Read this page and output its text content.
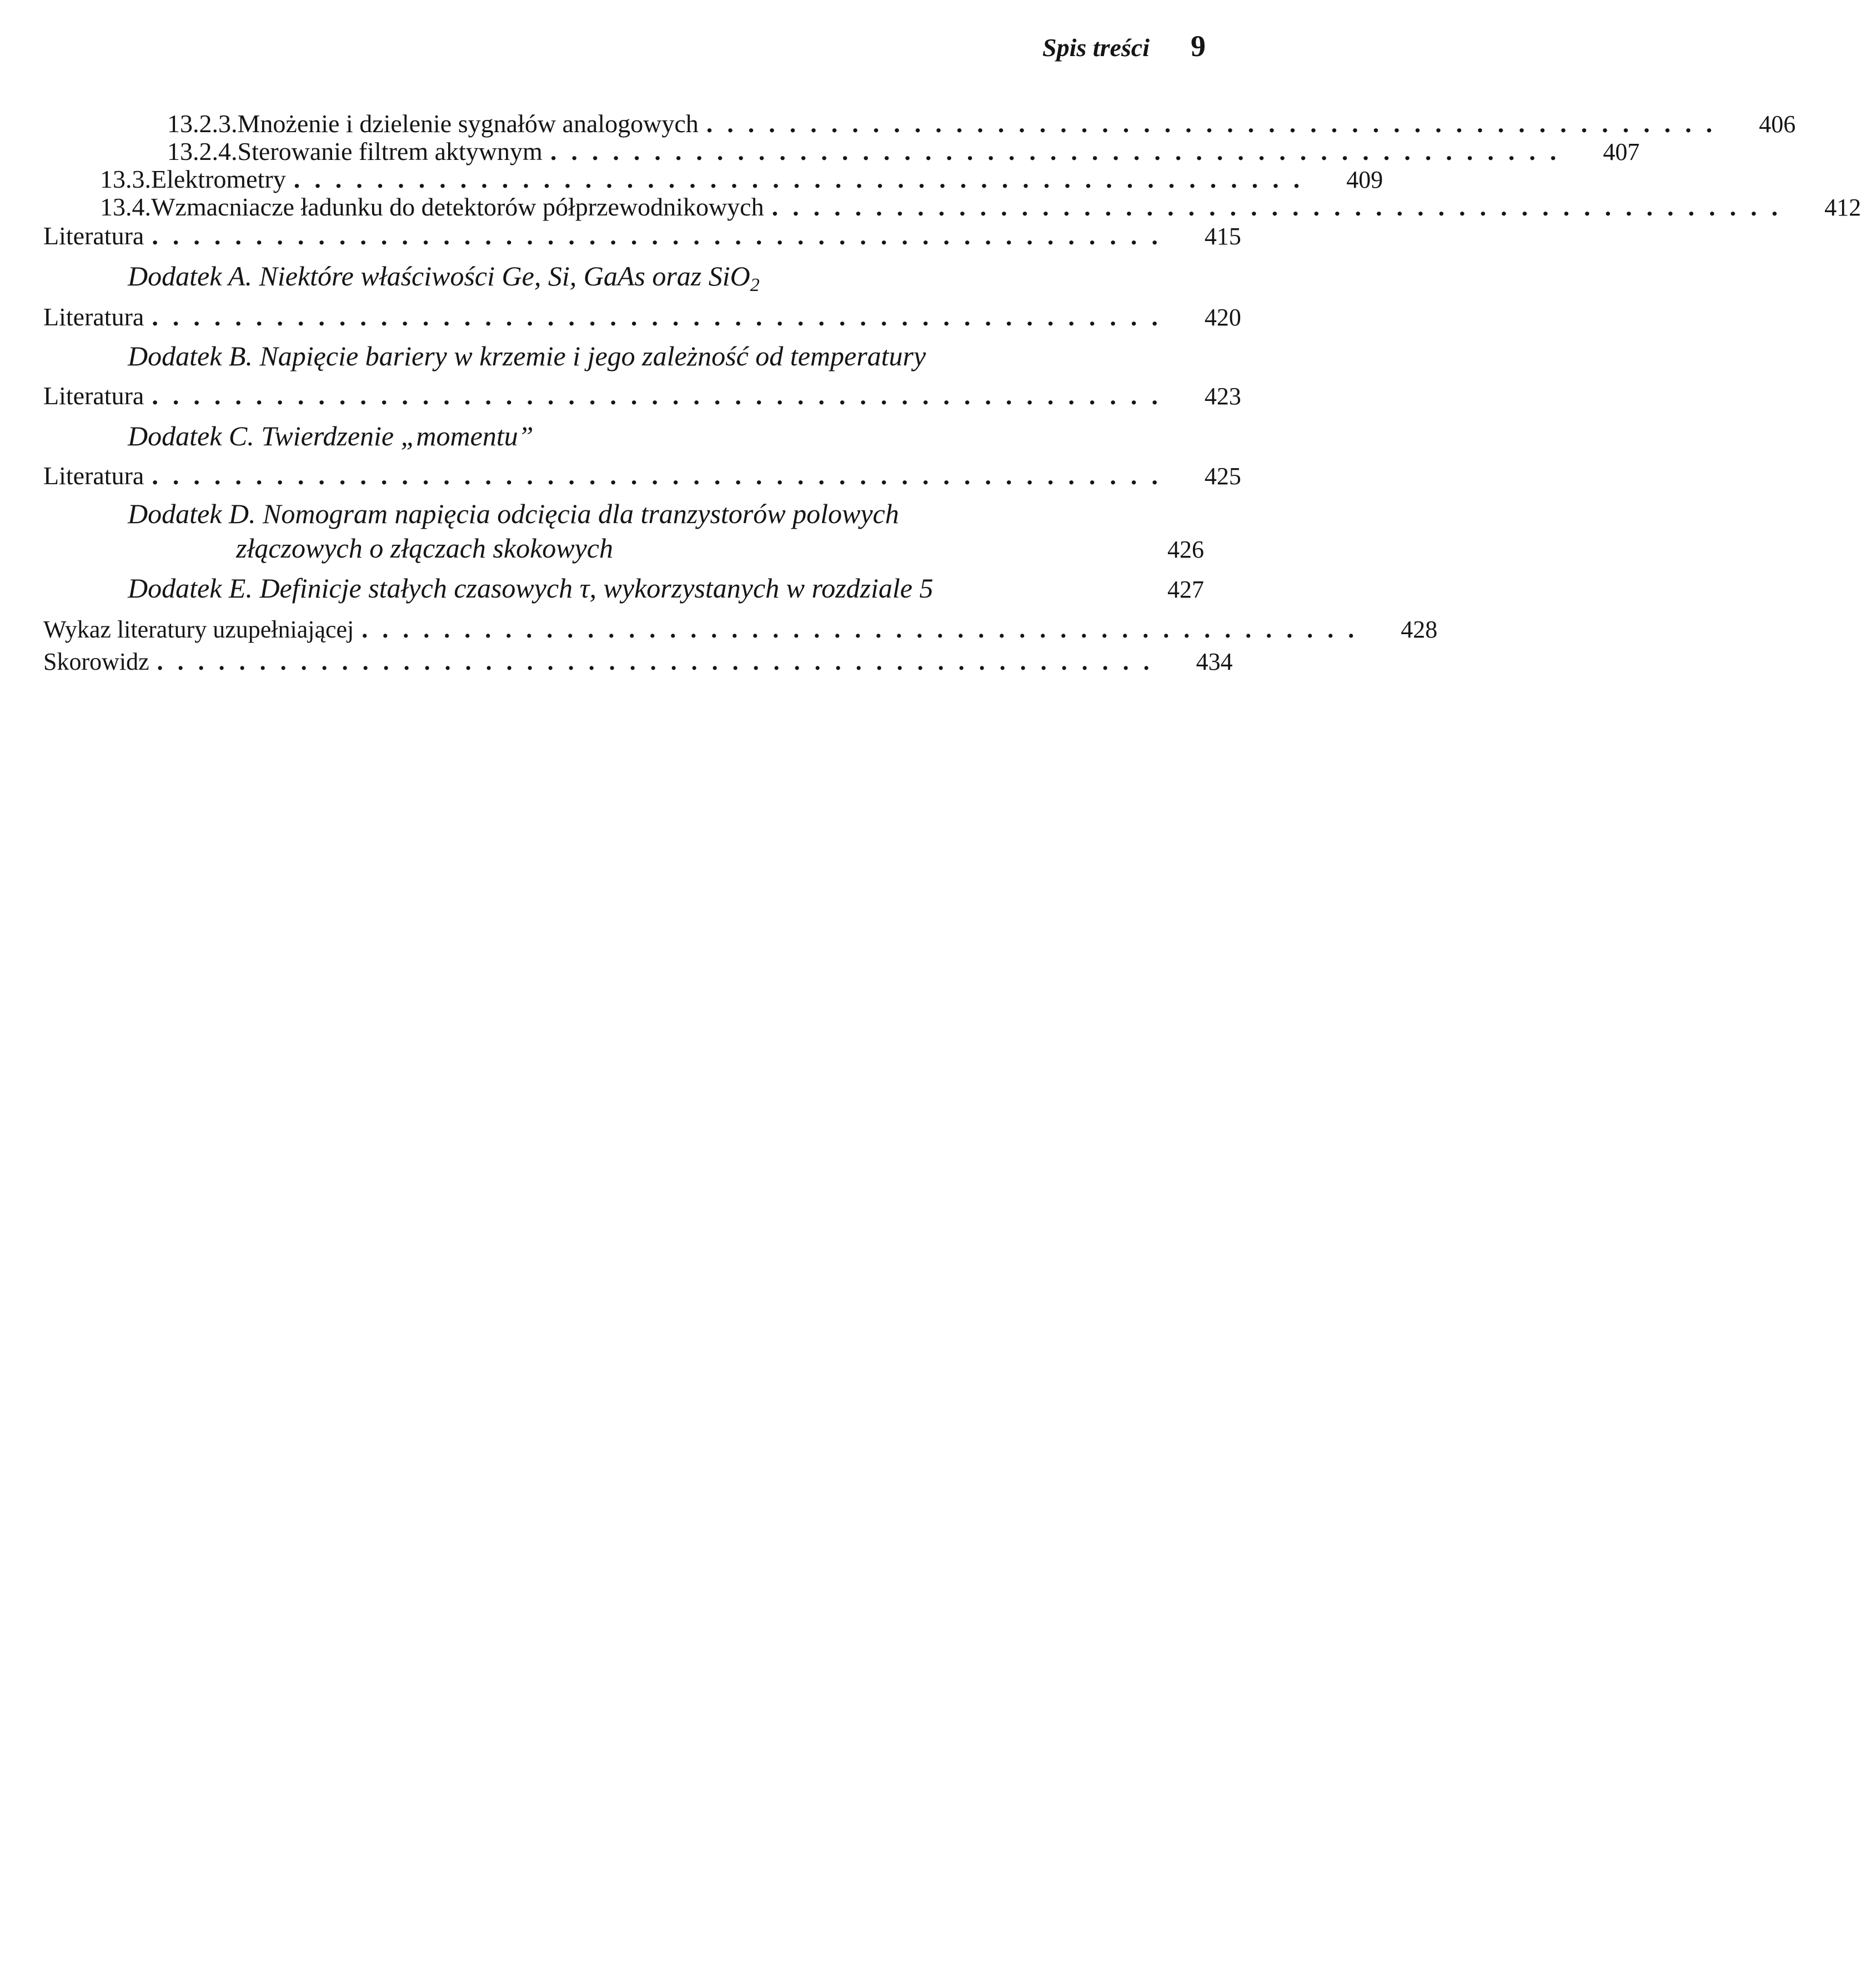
Spis treści 9
13.2.3. Mnożenie i dzielenie sygnałów analogowych .................................................	406
13.2.4. Sterowanie filtrem aktywnym .................................................	407
13.3. Elektrometry .................................................	409
13.4. Wzmacniacze ładunku do detektorów półprzewodnikowych .................................................	412
Literatura .................................................	415
Dodatek A. Niektóre właściwości Ge, Si, GaAs oraz SiO$_2$
Literatura .................................................	420
Dodatek B. Napięcie bariery w krzemie i jego zależność od temperatury
Literatura .................................................	423
Dodatek C. Twierdzenie „momentu”
Literatura .................................................	425
Dodatek D. Nomogram napięcia odcięcia dla tranzystorów polowych
złączowych o złączach skokowych	426
Dodatek E. Definicje stałych czasowych τ, wykorzystanych w rozdziale 5	427
Wykaz literatury uzupełniającej .................................................	428
Skorowidz .................................................	434
